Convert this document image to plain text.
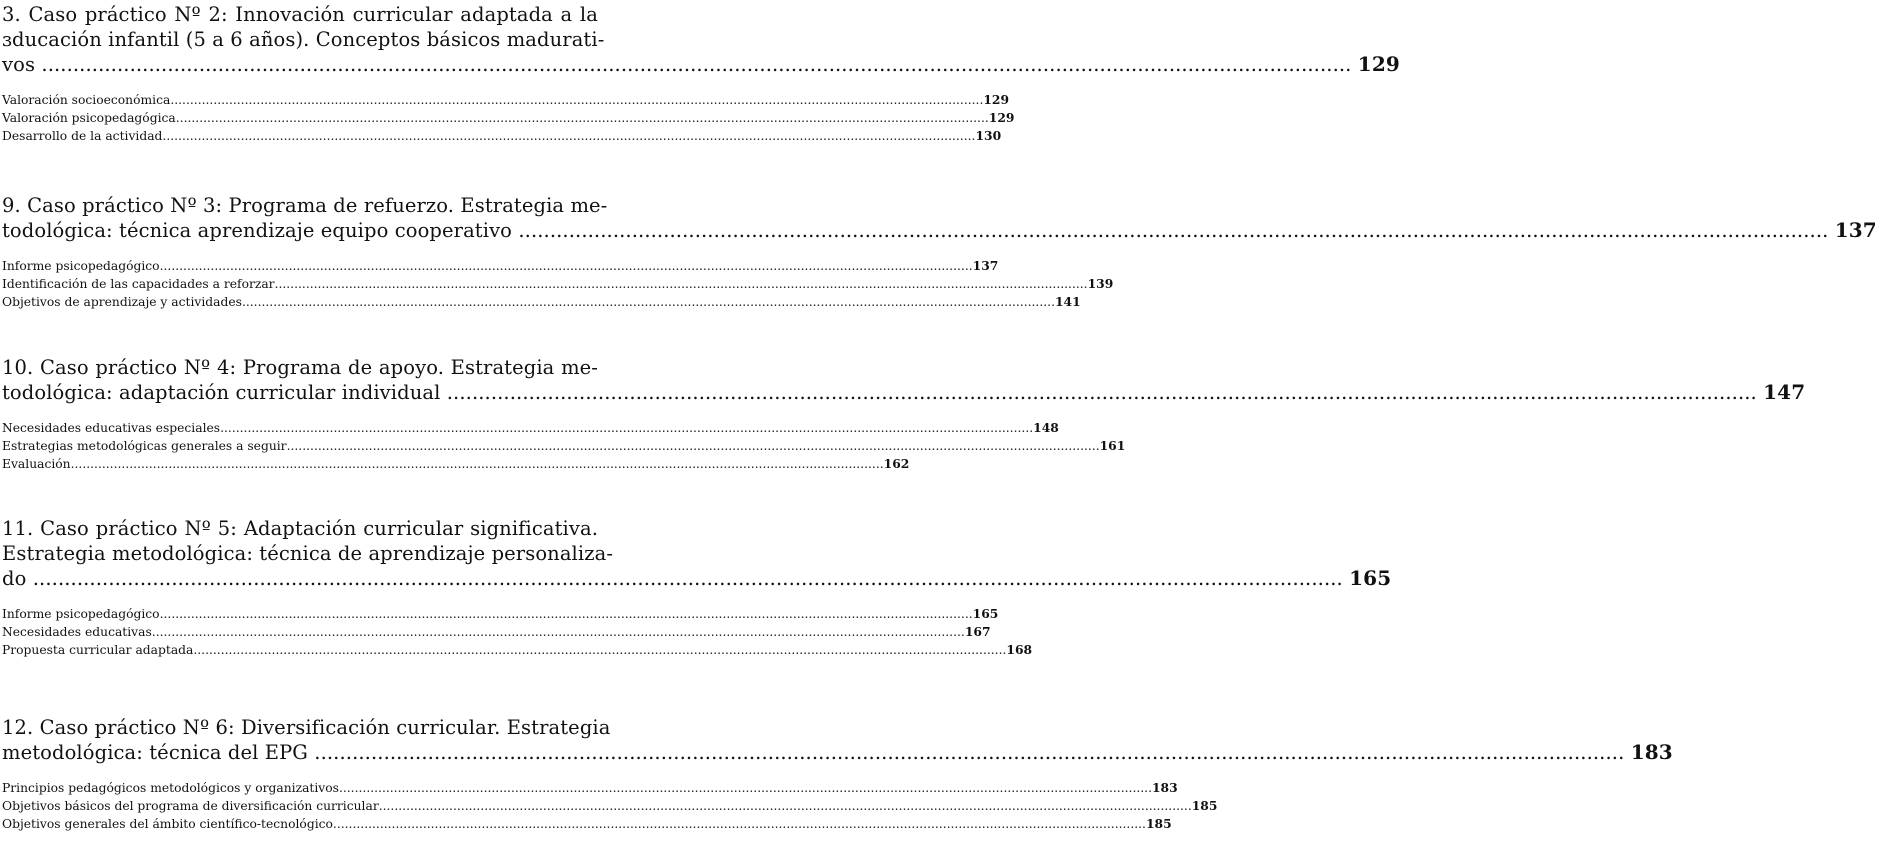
3. Caso práctico Nº 2: Innovación curricular adaptada a la
ɜducación infantil (5 a 6 años). Conceptos básicos madurati-
vos .....	129
Valoración socioeconómica .....	129
Valoración psicopedagógica .....	129
Desarrollo de la actividad .....	130
9. Caso práctico Nº 3: Programa de refuerzo. Estrategia me-
todológica: técnica aprendizaje equipo cooperativo .....	137
Informe psicopedagógico .....	137
Identificación de las capacidades a reforzar .....	139
Objetivos de aprendizaje y actividades .....	141
10. Caso práctico Nº 4: Programa de apoyo. Estrategia me-
todológica: adaptación curricular individual .....	147
Necesidades educativas especiales .....	148
Estrategias metodológicas generales a seguir .....	161
Evaluación .....	162
11. Caso práctico Nº 5: Adaptación curricular significativa.
Estrategia metodológica: técnica de aprendizaje personaliza-
do .....	165
Informe psicopedagógico .....	165
Necesidades educativas .....	167
Propuesta curricular adaptada .....	168
12. Caso práctico Nº 6: Diversificación curricular. Estrategia
metodológica: técnica del EPG .....	183
Principios pedagógicos metodológicos y organizativos .....	183
Objetivos básicos del programa de diversificación curricular .....	185
Objetivos generales del ámbito científico-tecnológico .....	185
